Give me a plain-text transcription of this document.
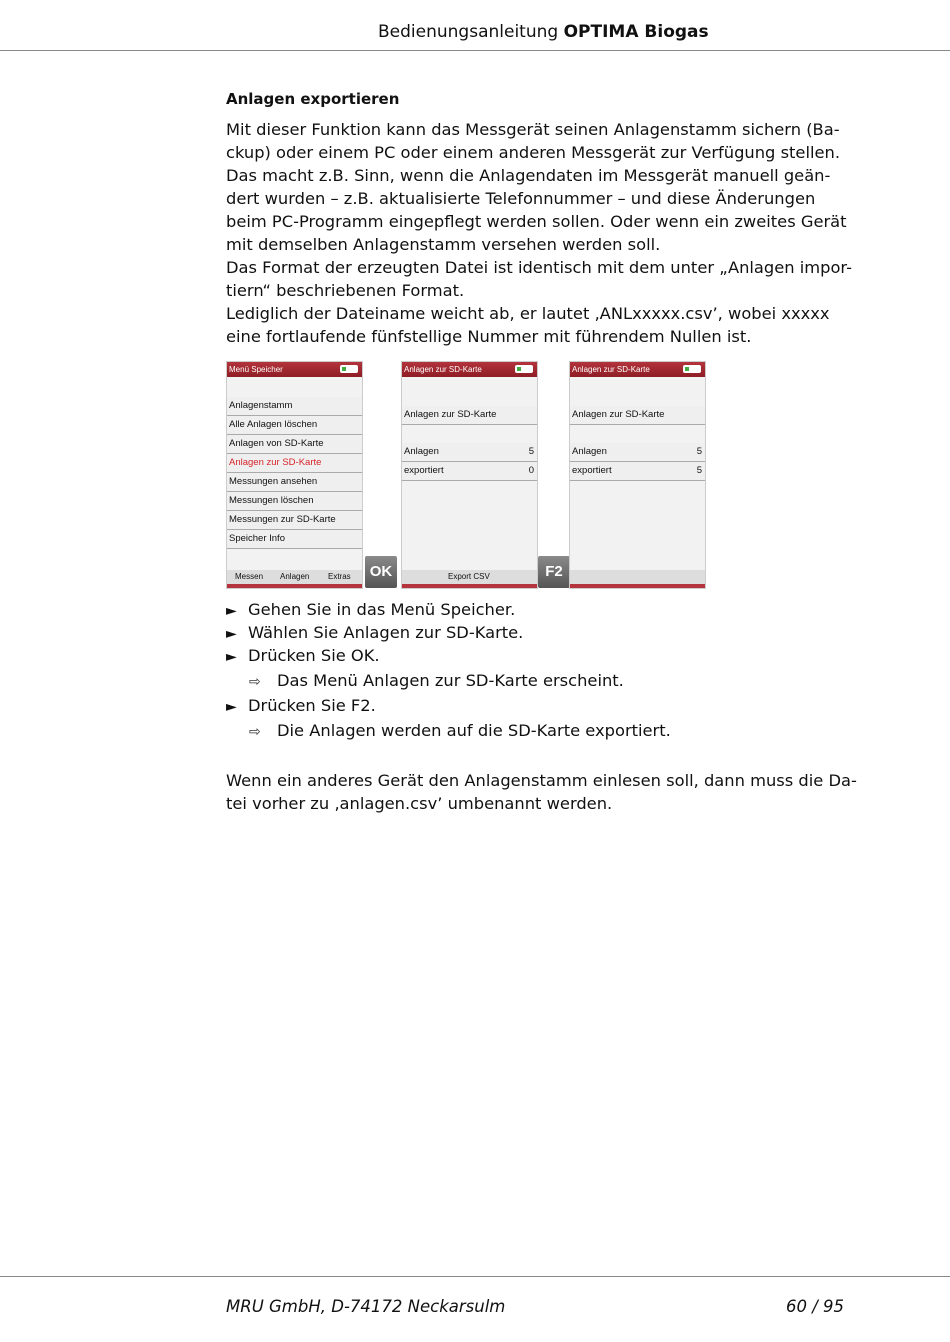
Bedienungsanleitung OPTIMA Biogas
Anlagen exportieren
Mit dieser Funktion kann das Messgerät seinen Anlagenstamm sichern (Ba-
ckup) oder einem PC oder einem anderen Messgerät zur Verfügung stellen.
Das macht z.B. Sinn, wenn die Anlagendaten im Messgerät manuell geän-
dert wurden – z.B. aktualisierte Telefonnummer – und diese Änderungen
beim PC-Programm eingepflegt werden sollen. Oder wenn ein zweites Gerät
mit demselben Anlagenstamm versehen werden soll.
Das Format der erzeugten Datei ist identisch mit dem unter „Anlagen impor-
tiern“ beschriebenen Format.
Lediglich der Dateiname weicht ab, er lautet ‚ANLxxxxx.csv’, wobei xxxxx
eine fortlaufende fünfstellige Nummer mit führendem Nullen ist.
Menü Speicher
Anlagenstamm
Alle Anlagen löschen
Anlagen von SD-Karte
Anlagen zur SD-Karte
Messungen ansehen
Messungen löschen
Messungen zur SD-Karte
Speicher Info
Messen Anlagen Extras	OK
Anlagen zur SD-Karte
Anlagen zur SD-Karte
Anlagen	5
exportiert	0
Export CSV	F2
Anlagen zur SD-Karte
Anlagen zur SD-Karte
Anlagen	5
exportiert	5
► Gehen Sie in das Menü Speicher.
► Wählen Sie Anlagen zur SD-Karte.
► Drücken Sie OK.
⇨ Das Menü Anlagen zur SD-Karte erscheint.
► Drücken Sie F2.
⇨ Die Anlagen werden auf die SD-Karte exportiert.
Wenn ein anderes Gerät den Anlagenstamm einlesen soll, dann muss die Da-
tei vorher zu ‚anlagen.csv’ umbenannt werden.
MRU GmbH, D-74172 Neckarsulm	60 / 95
